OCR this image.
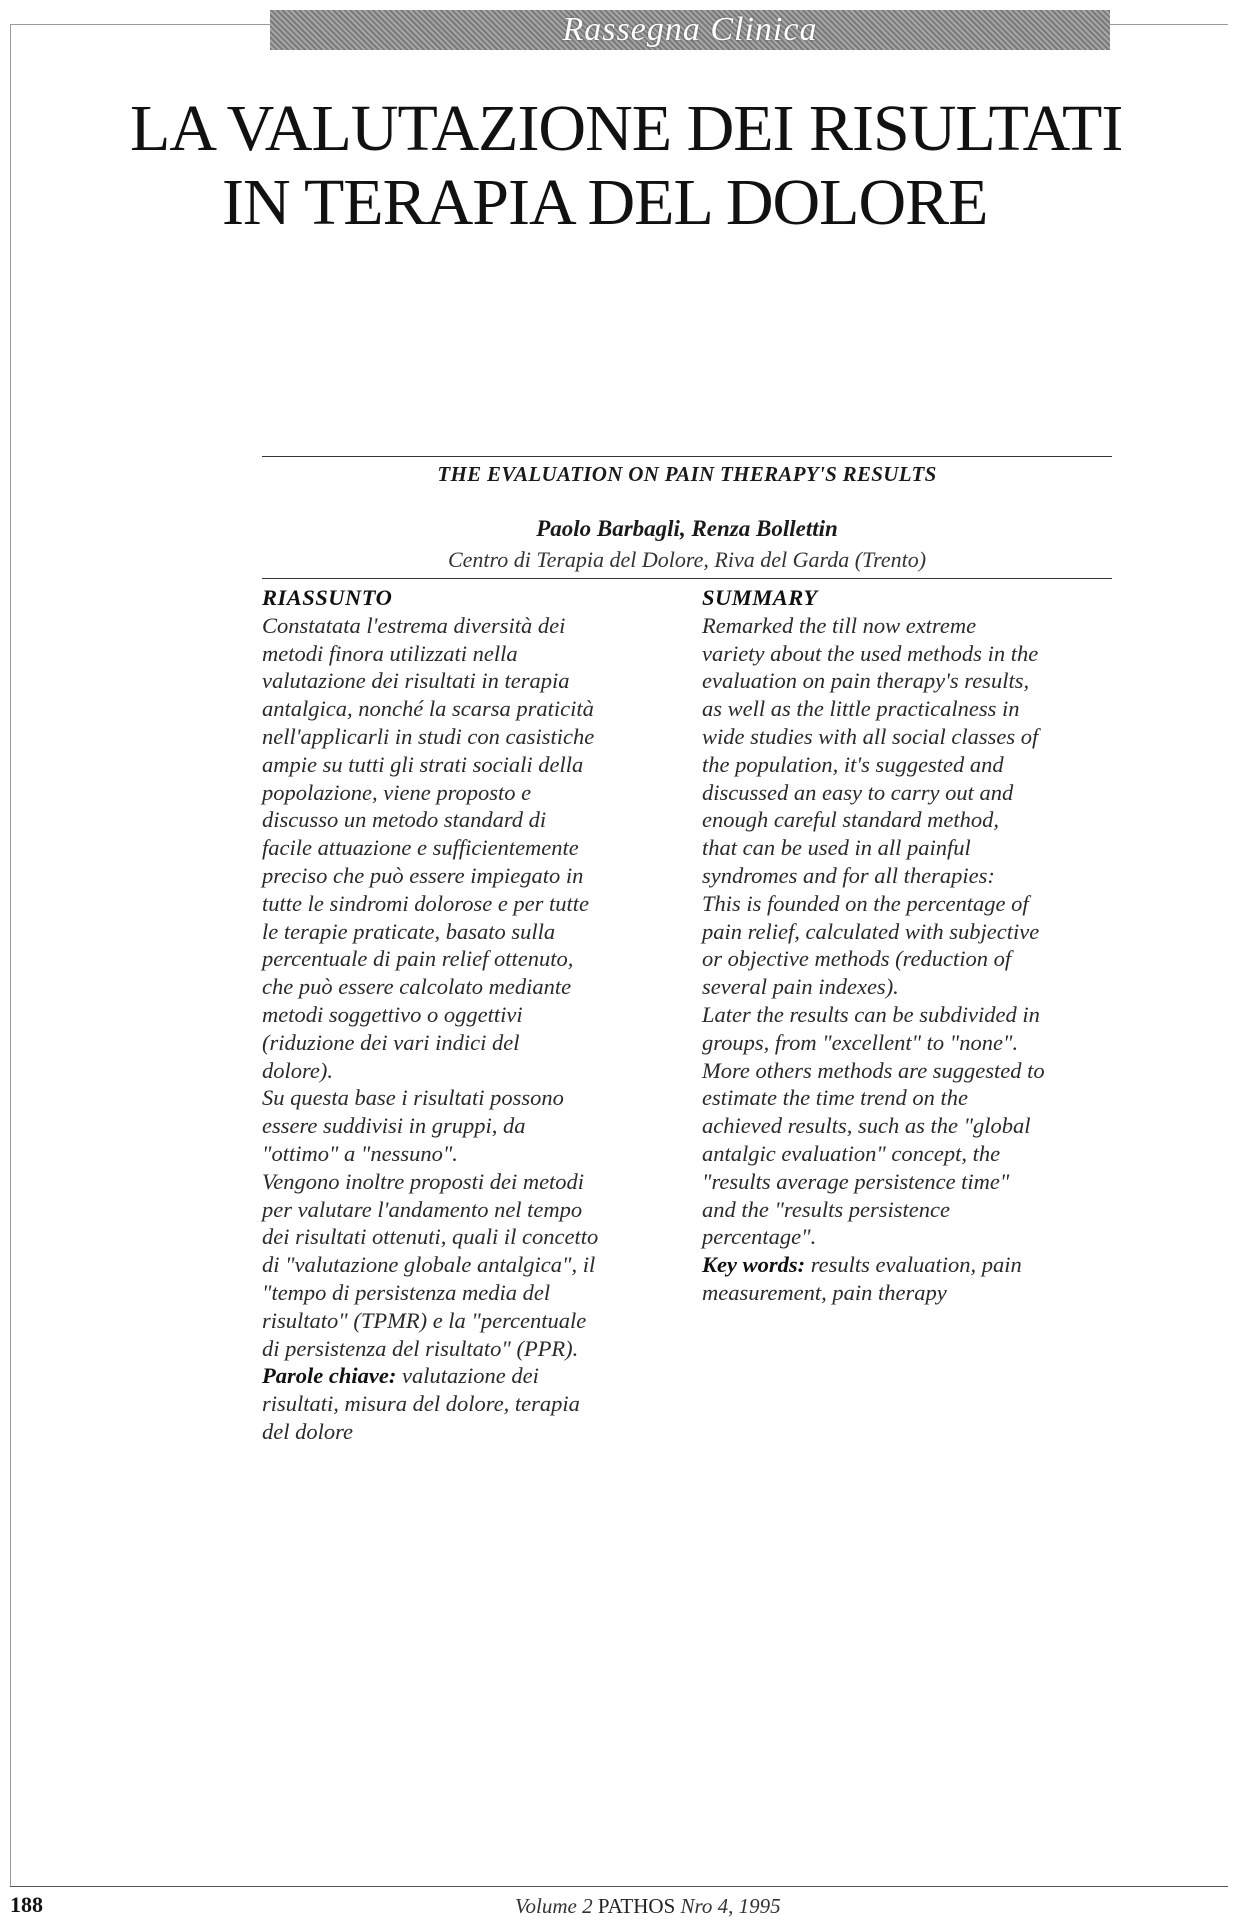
Rassegna Clinica
LA VALUTAZIONE DEI RISULTATI
IN TERAPIA DEL DOLORE
THE EVALUATION ON PAIN THERAPY'S RESULTS
Paolo Barbagli, Renza Bollettin
Centro di Terapia del Dolore, Riva del Garda (Trento)
RIASSUNTO
Constatata l'estrema diversità dei
metodi finora utilizzati nella
valutazione dei risultati in terapia
antalgica, nonché la scarsa praticità
nell'applicarli in studi con casistiche
ampie su tutti gli strati sociali della
popolazione, viene proposto e
discusso un metodo standard di
facile attuazione e sufficientemente
preciso che può essere impiegato in
tutte le sindromi dolorose e per tutte
le terapie praticate, basato sulla
percentuale di pain relief ottenuto,
che può essere calcolato mediante
metodi soggettivo o oggettivi
(riduzione dei vari indici del
dolore).
Su questa base i risultati possono
essere suddivisi in gruppi, da
"ottimo" a "nessuno".
Vengono inoltre proposti dei metodi
per valutare l'andamento nel tempo
dei risultati ottenuti, quali il concetto
di "valutazione globale antalgica", il
"tempo di persistenza media del
risultato" (TPMR) e la "percentuale
di persistenza del risultato" (PPR).
Parole chiave: valutazione dei
risultati, misura del dolore, terapia
del dolore
SUMMARY
Remarked the till now extreme
variety about the used methods in the
evaluation on pain therapy's results,
as well as the little practicalness in
wide studies with all social classes of
the population, it's suggested and
discussed an easy to carry out and
enough careful standard method,
that can be used in all painful
syndromes and for all therapies:
This is founded on the percentage of
pain relief, calculated with subjective
or objective methods (reduction of
several pain indexes).
Later the results can be subdivided in
groups, from "excellent" to "none".
More others methods are suggested to
estimate the time trend on the
achieved results, such as the "global
antalgic evaluation" concept, the
"results average persistence time"
and the "results persistence
percentage".
Key words: results evaluation, pain
measurement, pain therapy
188	Volume 2 PATHOS Nro 4, 1995
